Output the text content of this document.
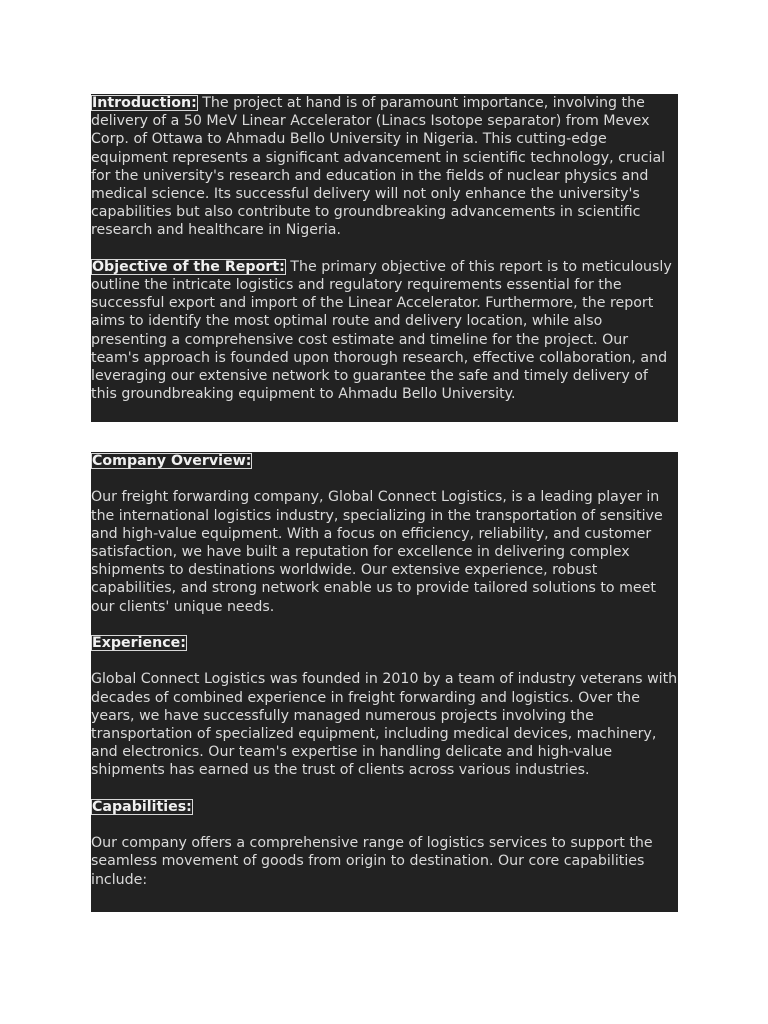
Introduction: The project at hand is of paramount importance, involving the delivery of a 50 MeV Linear Accelerator (Linacs Isotope separator) from Mevex Corp. of Ottawa to Ahmadu Bello University in Nigeria. This cutting-edge equipment represents a significant advancement in scientific technology, crucial for the university's research and education in the fields of nuclear physics and medical science. Its successful delivery will not only enhance the university's capabilities but also contribute to groundbreaking advancements in scientific research and healthcare in Nigeria.

Objective of the Report: The primary objective of this report is to meticulously outline the intricate logistics and regulatory requirements essential for the successful export and import of the Linear Accelerator. Furthermore, the report aims to identify the most optimal route and delivery location, while also presenting a comprehensive cost estimate and timeline for the project. Our team's approach is founded upon thorough research, effective collaboration, and leveraging our extensive network to guarantee the safe and timely delivery of this groundbreaking equipment to Ahmadu Bello University.

Company Overview:

Our freight forwarding company, Global Connect Logistics, is a leading player in the international logistics industry, specializing in the transportation of sensitive and high-value equipment. With a focus on efficiency, reliability, and customer satisfaction, we have built a reputation for excellence in delivering complex shipments to destinations worldwide. Our extensive experience, robust capabilities, and strong network enable us to provide tailored solutions to meet our clients' unique needs.

Experience:

Global Connect Logistics was founded in 2010 by a team of industry veterans with decades of combined experience in freight forwarding and logistics. Over the years, we have successfully managed numerous projects involving the transportation of specialized equipment, including medical devices, machinery, and electronics. Our team's expertise in handling delicate and high-value shipments has earned us the trust of clients across various industries.

Capabilities:

Our company offers a comprehensive range of logistics services to support the seamless movement of goods from origin to destination. Our core capabilities include:
